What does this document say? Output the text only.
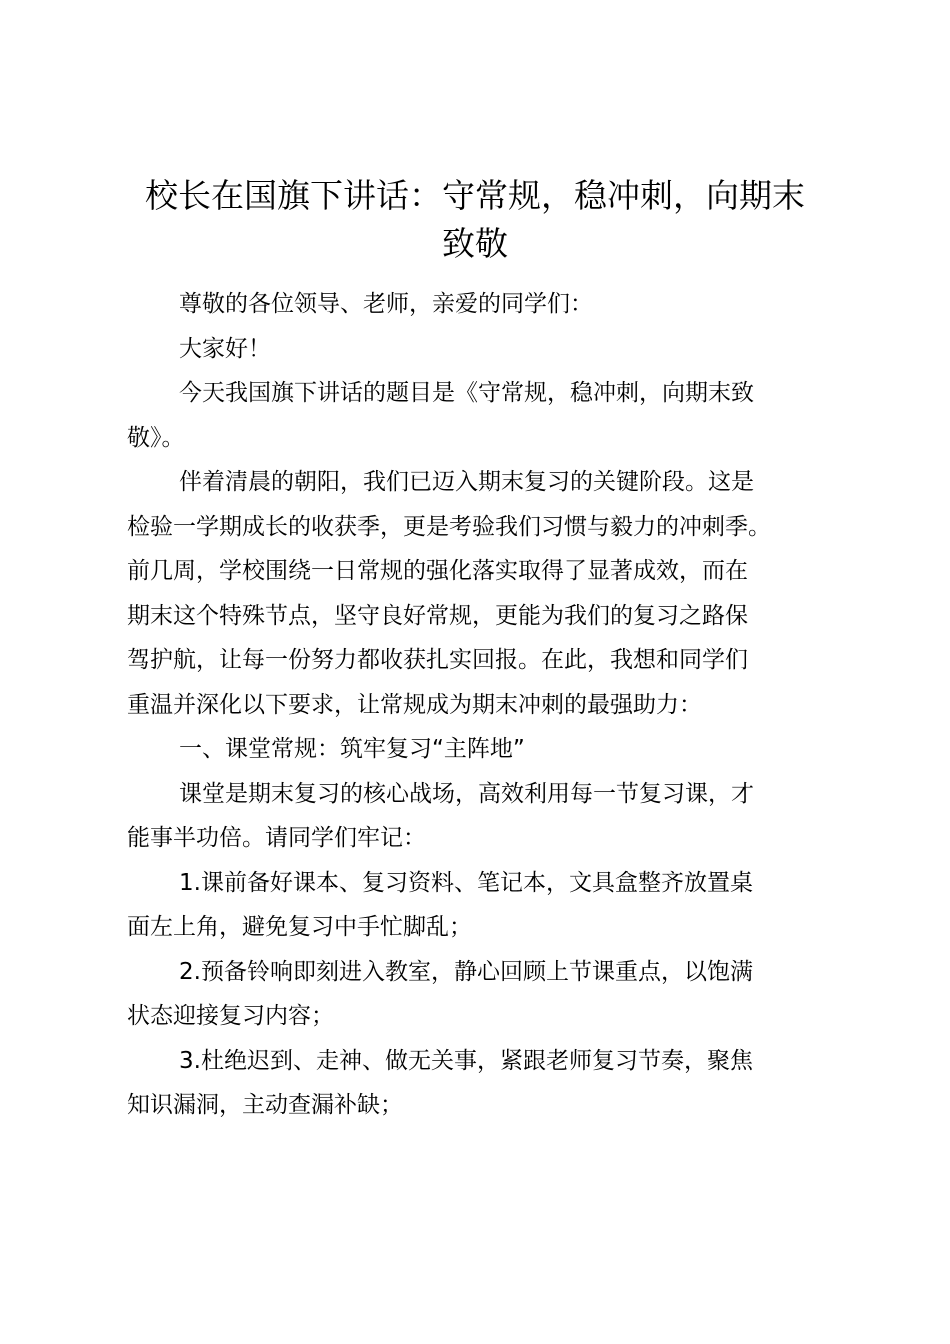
校长在国旗下讲话：守常规，稳冲刺，向期末
致敬

尊敬的各位领导、老师，亲爱的同学们：

大家好！

今天我国旗下讲话的题目是《守常规，稳冲刺，向期末致
敬》。

伴着清晨的朝阳，我们已迈入期末复习的关键阶段。这是
检验一学期成长的收获季，更是考验我们习惯与毅力的冲刺季。
前几周，学校围绕一日常规的强化落实取得了显著成效，而在
期末这个特殊节点，坚守良好常规，更能为我们的复习之路保
驾护航，让每一份努力都收获扎实回报。在此，我想和同学们
重温并深化以下要求，让常规成为期末冲刺的最强助力：

一、课堂常规：筑牢复习“主阵地”

课堂是期末复习的核心战场，高效利用每一节复习课，才
能事半功倍。请同学们牢记：

1.课前备好课本、复习资料、笔记本，文具盒整齐放置桌
面左上角，避免复习中手忙脚乱；

2.预备铃响即刻进入教室，静心回顾上节课重点，以饱满
状态迎接复习内容；

3.杜绝迟到、走神、做无关事，紧跟老师复习节奏，聚焦
知识漏洞，主动查漏补缺；
